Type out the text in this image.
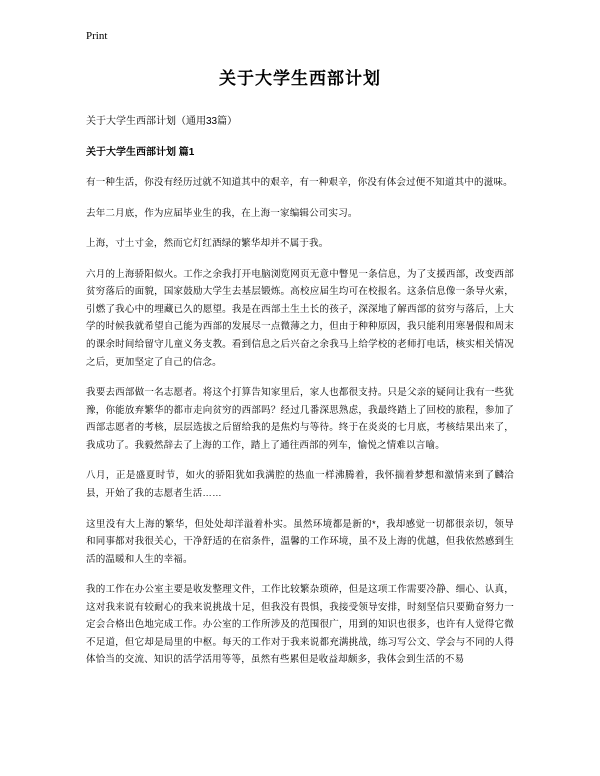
Print
关于大学生西部计划
关于大学生西部计划（通用33篇）
关于大学生西部计划 篇1

有一种生活，你没有经历过就不知道其中的艰辛，有一种艰辛，你没有体会过便不知道其中的滋味。

去年二月底，作为应届毕业生的我，在上海一家编辑公司实习。

上海，寸土寸金，然而它灯红酒绿的繁华却并不属于我。

六月的上海骄阳似火。工作之余我打开电脑浏览网页无意中瞥见一条信息，为了支援西部，改变西部贫穷落后的面貌，国家鼓励大学生去基层锻炼。高校应届生均可在校报名。这条信息像一条导火索，引燃了我心中的埋藏已久的愿望。我是在西部土生土长的孩子，深深地了解西部的贫穷与落后，上大学的时候我就希望自己能为西部的发展尽一点微薄之力，但由于种种原因，我只能利用寒暑假和周末的课余时间给留守儿童义务支教。看到信息之后兴奋之余我马上给学校的老师打电话，核实相关情况之后，更加坚定了自己的信念。

我要去西部做一名志愿者。将这个打算告知家里后，家人也都很支持。只是父亲的疑问让我有一些犹豫，你能放弃繁华的都市走向贫穷的西部吗？经过几番深思熟虑，我最终踏上了回校的旅程，参加了西部志愿者的考核，层层选拔之后留给我的是焦灼与等待。终于在炎炎的七月底，考核结果出来了，我成功了。我毅然辞去了上海的工作，踏上了通往西部的列车，愉悦之情难以言喻。

八月，正是盛夏时节，如火的骄阳犹如我满腔的热血一样沸腾着，我怀揣着梦想和激情来到了麟洽县，开始了我的志愿者生活……

这里没有大上海的繁华，但处处却洋溢着朴实。虽然环境都是新的*，我却感觉一切都很亲切，领导和同事都对我很关心，干净舒适的在宿条件，温馨的工作环境，虽不及上海的优越，但我依然感到生活的温暖和人生的幸福。

我的工作在办公室主要是收发整理文件，工作比较繁杂琐碎，但是这项工作需要冷静、细心、认真，这对我来说有较耐心的我来说挑战十足，但我没有畏惧，我接受领导安排，时刻坚信只要勤奋努力一定会合格出色地完成工作。办公室的工作所涉及的范围很广，用到的知识也很多，也许有人觉得它微不足道，但它却是局里的中枢。每天的工作对于我来说都充满挑战，练习写公文、学会与不同的人得体恰当的交流、知识的活学活用等等，虽然有些累但是收益却颇多，我体会到生活的不易
